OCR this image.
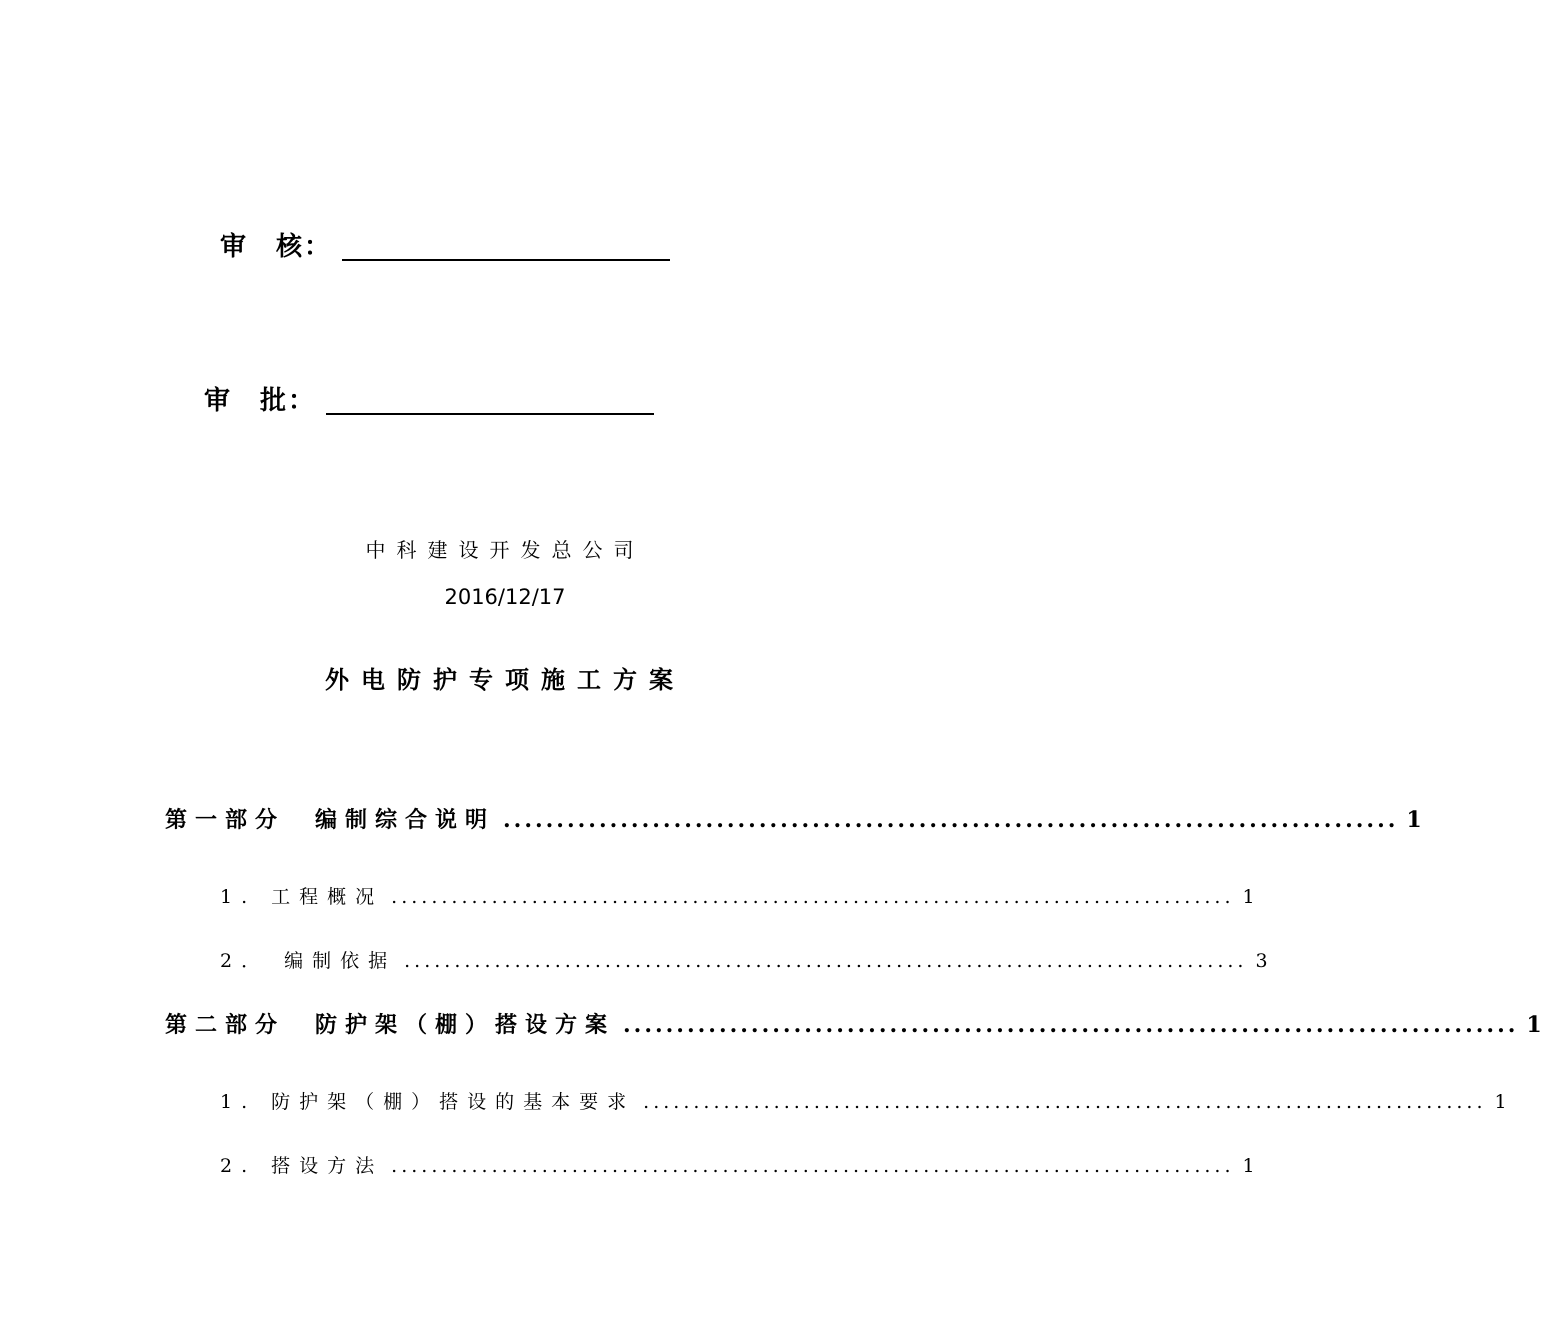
审　核：
审　批：
中科建设开发总公司
2016/12/17
外电防护专项施工方案
第一部分　编制综合说明 .................................................................................... 1
1. 工程概况 .................................................................................... 1
2． 编制依据 .................................................................................... 3
第二部分　防护架（棚）搭设方案 .................................................................................... 1
1. 防护架（棚）搭设的基本要求 .................................................................................... 1
2. 搭设方法 .................................................................................... 1
